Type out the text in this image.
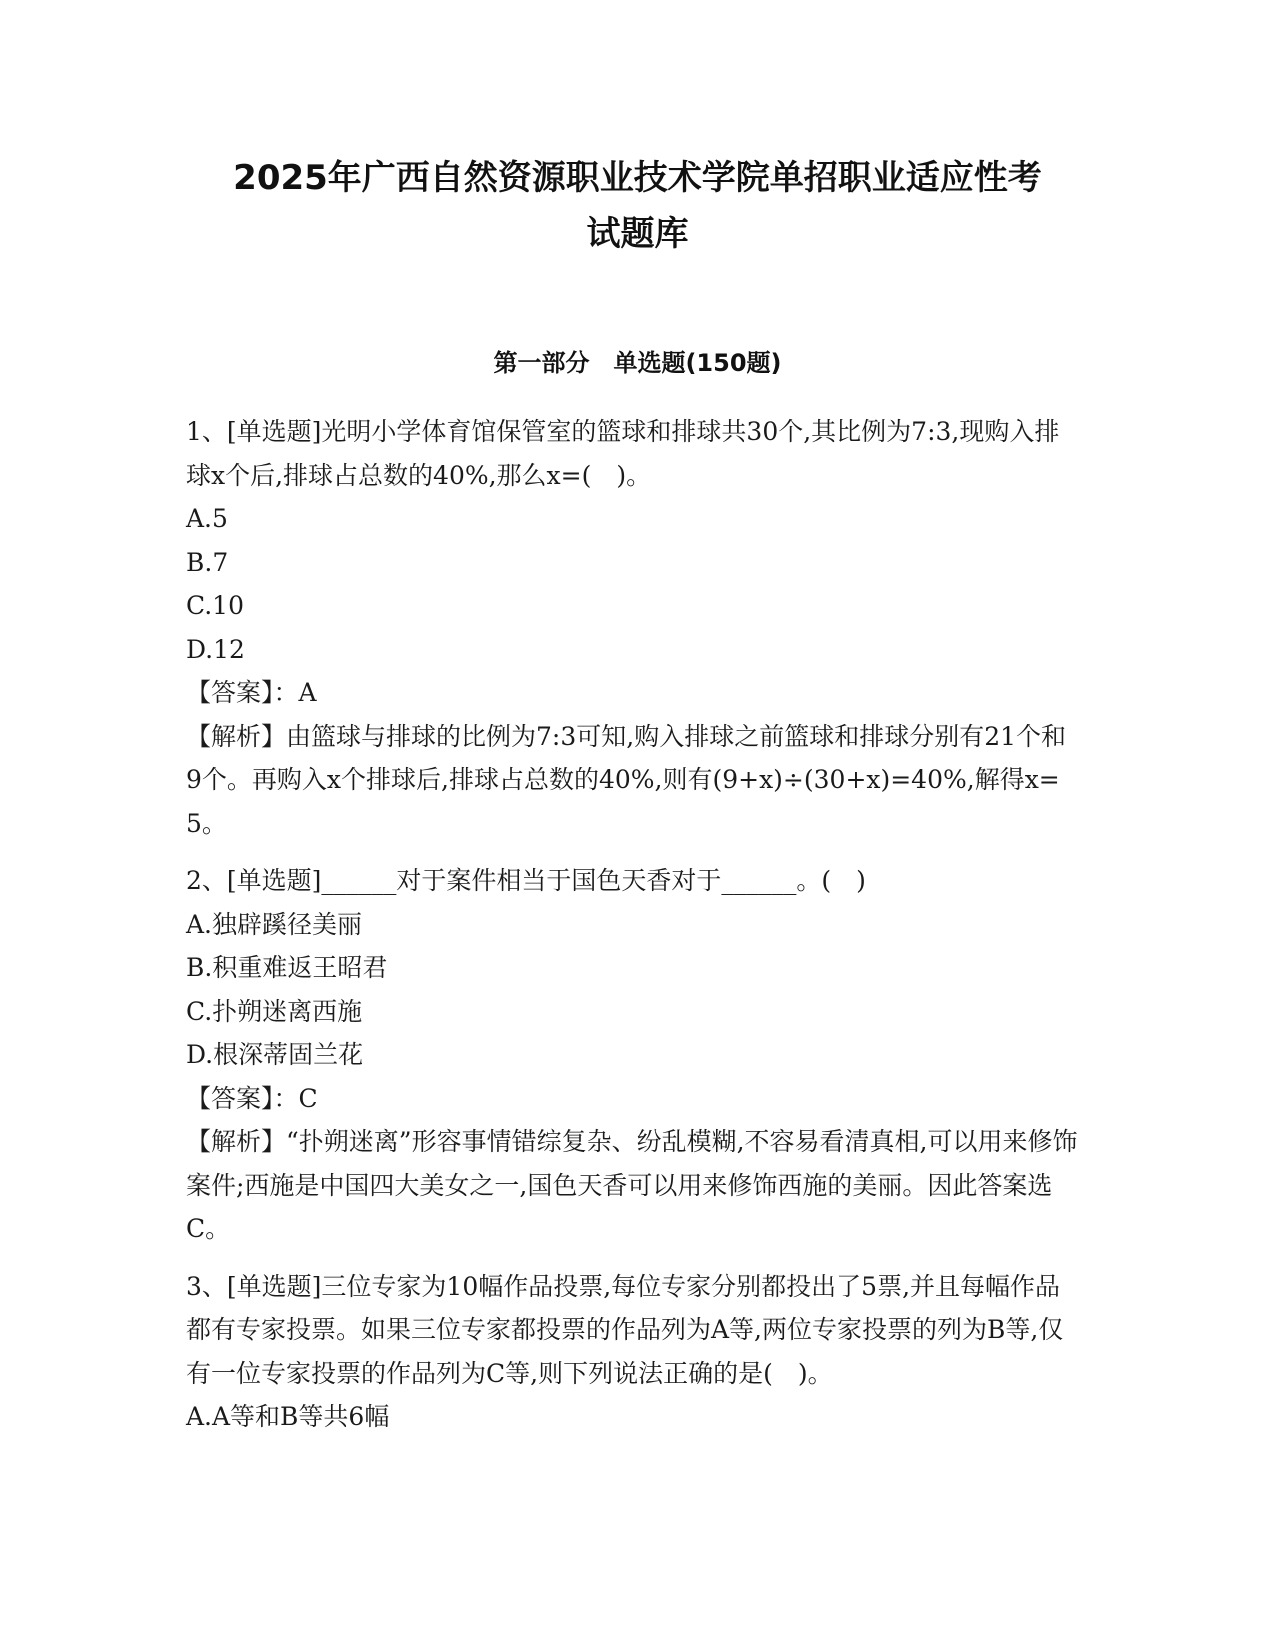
2025年广西自然资源职业技术学院单招职业适应性考
试题库
第一部分　单选题(150题)

1、[单选题]光明小学体育馆保管室的篮球和排球共30个,其比例为7:3,现购入排球x个后,排球占总数的40%,那么x=(　)。

A.5

B.7

C.10

D.12

【答案】：A

【解析】由篮球与排球的比例为7:3可知,购入排球之前篮球和排球分别有21个和9个。再购入x个排球后,排球占总数的40%,则有(9+x)÷(30+x)=40%,解得x=5。

2、[单选题]______对于案件相当于国色天香对于______。(　)

A.独辟蹊径美丽

B.积重难返王昭君

C.扑朔迷离西施

D.根深蒂固兰花

【答案】：C

【解析】“扑朔迷离”形容事情错综复杂、纷乱模糊,不容易看清真相,可以用来修饰案件;西施是中国四大美女之一,国色天香可以用来修饰西施的美丽。因此答案选C。

3、[单选题]三位专家为10幅作品投票,每位专家分别都投出了5票,并且每幅作品都有专家投票。如果三位专家都投票的作品列为A等,两位专家投票的列为B等,仅有一位专家投票的作品列为C等,则下列说法正确的是(　)。

A.A等和B等共6幅
